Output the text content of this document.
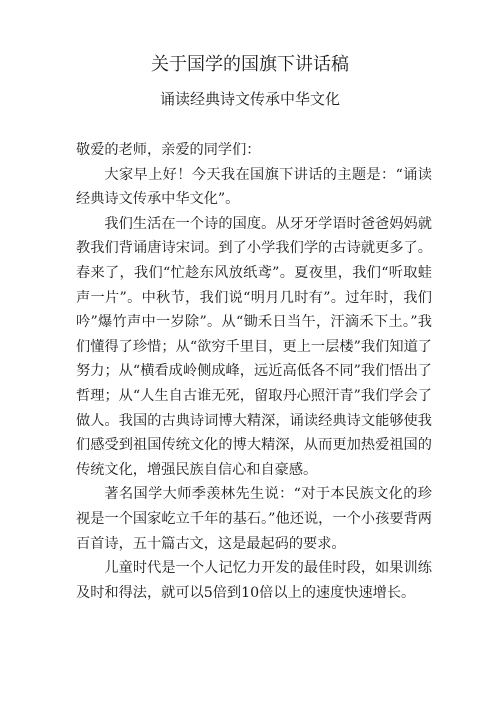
关于国学的国旗下讲话稿
诵读经典诗文传承中华文化

敬爱的老师，亲爱的同学们：

大家早上好！今天我在国旗下讲话的主题是：“诵读经典诗文传承中华文化”。

我们生活在一个诗的国度。从牙牙学语时爸爸妈妈就教我们背诵唐诗宋词。到了小学我们学的古诗就更多了。春来了，我们“忙趁东风放纸鸢”。夏夜里，我们“听取蛙声一片”。中秋节，我们说“明月几时有”。过年时，我们吟”爆竹声中一岁除”。从“锄禾日当午，汗滴禾下土。”我们懂得了珍惜；从“欲穷千里目，更上一层楼”我们知道了努力；从“横看成岭侧成峰，远近高低各不同”我们悟出了哲理；从“人生自古谁无死，留取丹心照汗青”我们学会了做人。我国的古典诗词博大精深，诵读经典诗文能够使我们感受到祖国传统文化的博大精深，从而更加热爱祖国的传统文化，增强民族自信心和自豪感。

著名国学大师季羡林先生说：“对于本民族文化的珍视是一个国家屹立千年的基石。”他还说，一个小孩要背两百首诗，五十篇古文，这是最起码的要求。

儿童时代是一个人记忆力开发的最佳时段，如果训练及时和得法，就可以5倍到10倍以上的速度快速增长。
